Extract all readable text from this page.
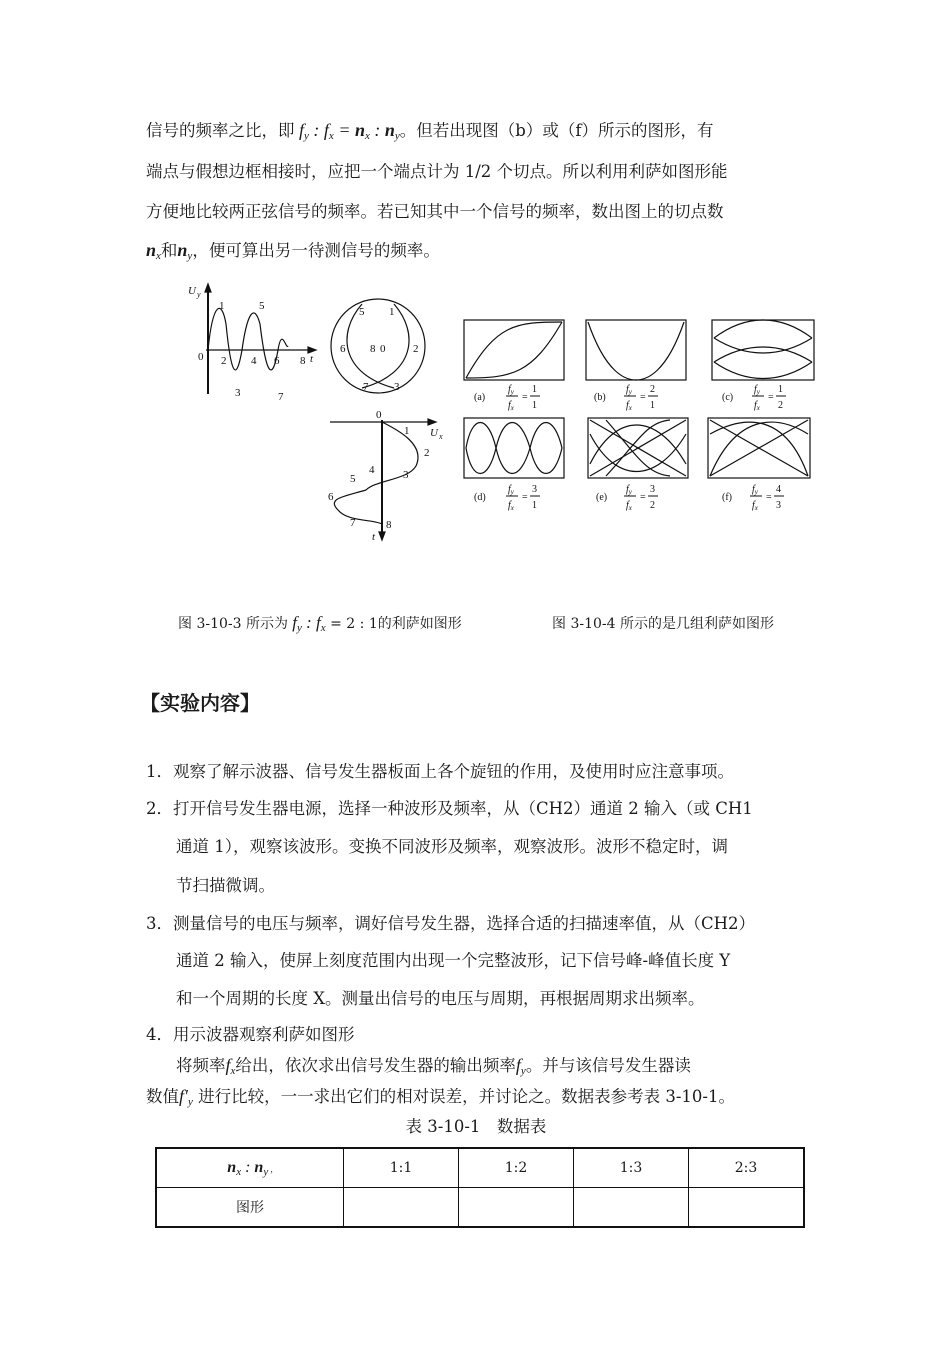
信号的频率之比，即 $f_y$ : $f_x = n_x$ : $n_y$。但若出现图（b）或（f）所示的图形，有
端点与假想边框相接时，应把一个端点计为 1/2 个切点。所以利用利萨如图形能
方便地比较两正弦信号的频率。若已知其中一个信号的频率，数出图上的切点数
$n_x$和$n_y$，便可算出另一待测信号的频率。
U y
1	5
0 2 4 6 8 t
3	7
5 1
6 8 0	2
7 3
0
1
2
4	3
5
6
7	8
U x
t
(a)
$f_y$
$f_x$
=
1
1
(b)
$f_y$
$f_x$
=
2
1
(c)
$f_y$
$f_x$
=
1
2
(d)
$f_y$
$f_x$
=
3
1
(e)
$f_y$
$f_x$
=
3
2
(f)
$f_y$
$f_x$
=
4
3
图 3-10-3 所示为 $f_y$ : $f_x = 2$ : 1的利萨如图形	图 3-10-4 所示的是几组利萨如图形
【实验内容】
1．观察了解示波器、信号发生器板面上各个旋钮的作用，及使用时应注意事项。
2．打开信号发生器电源，选择一种波形及频率，从（CH2）通道 2 输入（或 CH1
通道 1），观察该波形。变换不同波形及频率，观察波形。波形不稳定时，调
节扫描微调。
3．测量信号的电压与频率，调好信号发生器，选择合适的扫描速率值，从（CH2）
通道 2 输入，使屏上刻度范围内出现一个完整波形，记下信号峰-峰值长度 Y
和一个周期的长度 X。测量出信号的电压与周期，再根据周期求出频率。
4．用示波器观察利萨如图形
将频率$f_x$给出，依次求出信号发生器的输出频率$f_y$。并与该信号发生器读
数值$f'_y$ 进行比较，一一求出它们的相对误差，并讨论之。数据表参考表 3-10-1。
表 3-10-1　数据表
$n_x$ : $n_y$ ,	1:1	1:2	1:3	2:3
图形				
